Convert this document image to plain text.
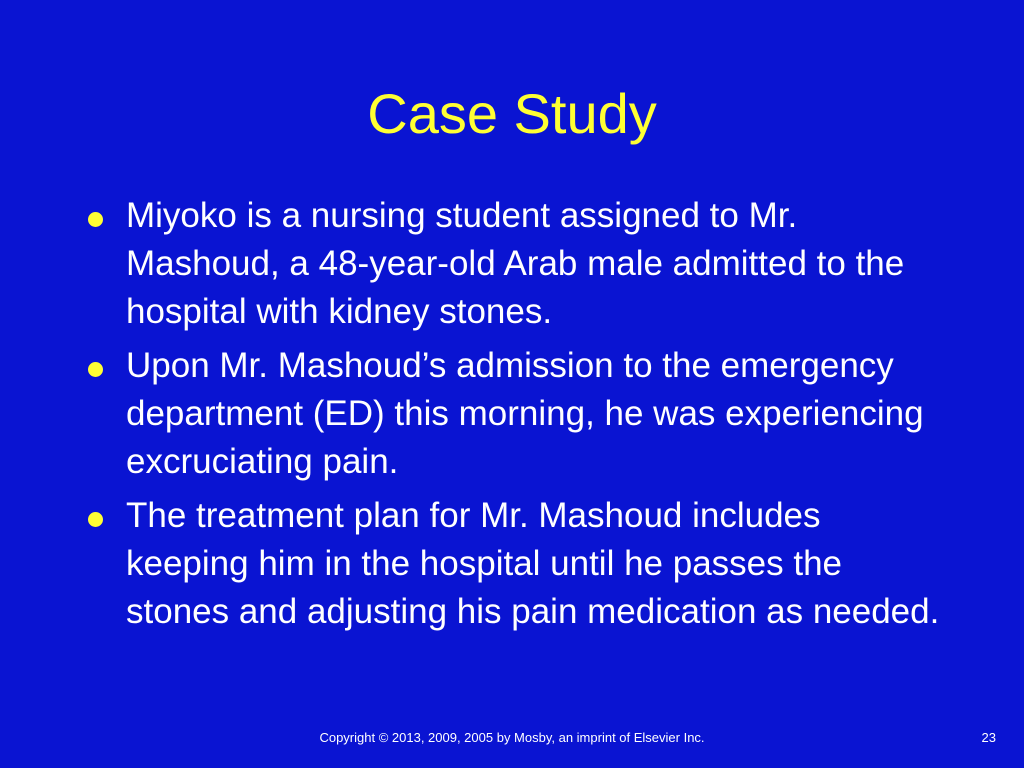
Case Study
Miyoko is a nursing student assigned to Mr. Mashoud, a 48-year-old Arab male admitted to the hospital with kidney stones.
Upon Mr. Mashoud’s admission to the emergency department (ED) this morning, he was experiencing excruciating pain.
The treatment plan for Mr. Mashoud includes keeping him in the hospital until he passes the stones and adjusting his pain medication as needed.
Copyright © 2013, 2009, 2005 by Mosby, an imprint of Elsevier Inc.	23
